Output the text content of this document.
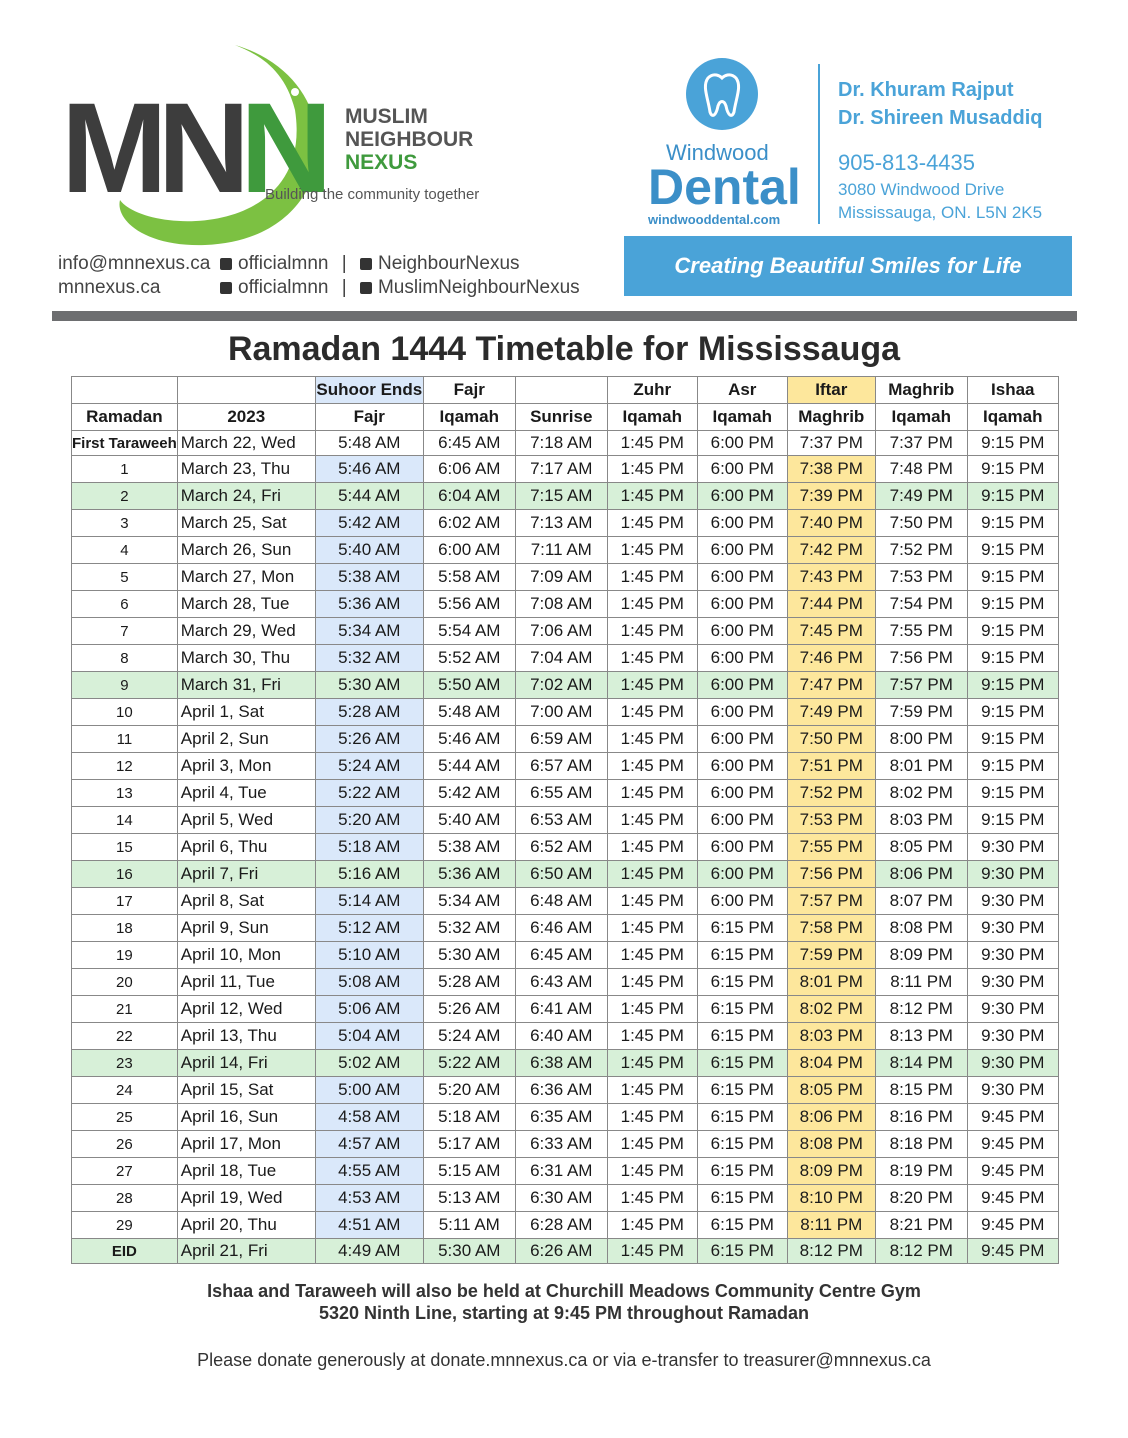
MNN MUSLIM
NEIGHBOUR
NEXUS
Building the community together
info@mnnexus.ca
mnnexus.ca
officialmnn | NeighbourNexus
officialmnn | MuslimNeighbourNexus
Windwood
Dental
windwooddental.com
Dr. Khuram Rajput
Dr. Shireen Musaddiq
905-813-4435
3080 Windwood Drive
Mississauga, ON. L5N 2K5
Creating Beautiful Smiles for Life
Ramadan 1444 Timetable for Mississauga
		Suhoor Ends	Fajr		Zuhr	Asr	Iftar	Maghrib	Ishaa
Ramadan	2023	Fajr	Iqamah	Sunrise	Iqamah	Iqamah	Maghrib	Iqamah	Iqamah
First Taraweeh	March 22, Wed	5:48 AM	6:45 AM	7:18 AM	1:45 PM	6:00 PM	7:37 PM	7:37 PM	9:15 PM
1	March 23, Thu	5:46 AM	6:06 AM	7:17 AM	1:45 PM	6:00 PM	7:38 PM	7:48 PM	9:15 PM
2	March 24, Fri	5:44 AM	6:04 AM	7:15 AM	1:45 PM	6:00 PM	7:39 PM	7:49 PM	9:15 PM
3	March 25, Sat	5:42 AM	6:02 AM	7:13 AM	1:45 PM	6:00 PM	7:40 PM	7:50 PM	9:15 PM
4	March 26, Sun	5:40 AM	6:00 AM	7:11 AM	1:45 PM	6:00 PM	7:42 PM	7:52 PM	9:15 PM
5	March 27, Mon	5:38 AM	5:58 AM	7:09 AM	1:45 PM	6:00 PM	7:43 PM	7:53 PM	9:15 PM
6	March 28, Tue	5:36 AM	5:56 AM	7:08 AM	1:45 PM	6:00 PM	7:44 PM	7:54 PM	9:15 PM
7	March 29, Wed	5:34 AM	5:54 AM	7:06 AM	1:45 PM	6:00 PM	7:45 PM	7:55 PM	9:15 PM
8	March 30, Thu	5:32 AM	5:52 AM	7:04 AM	1:45 PM	6:00 PM	7:46 PM	7:56 PM	9:15 PM
9	March 31, Fri	5:30 AM	5:50 AM	7:02 AM	1:45 PM	6:00 PM	7:47 PM	7:57 PM	9:15 PM
10	April 1, Sat	5:28 AM	5:48 AM	7:00 AM	1:45 PM	6:00 PM	7:49 PM	7:59 PM	9:15 PM
11	April 2, Sun	5:26 AM	5:46 AM	6:59 AM	1:45 PM	6:00 PM	7:50 PM	8:00 PM	9:15 PM
12	April 3, Mon	5:24 AM	5:44 AM	6:57 AM	1:45 PM	6:00 PM	7:51 PM	8:01 PM	9:15 PM
13	April 4, Tue	5:22 AM	5:42 AM	6:55 AM	1:45 PM	6:00 PM	7:52 PM	8:02 PM	9:15 PM
14	April 5, Wed	5:20 AM	5:40 AM	6:53 AM	1:45 PM	6:00 PM	7:53 PM	8:03 PM	9:15 PM
15	April 6, Thu	5:18 AM	5:38 AM	6:52 AM	1:45 PM	6:00 PM	7:55 PM	8:05 PM	9:30 PM
16	April 7, Fri	5:16 AM	5:36 AM	6:50 AM	1:45 PM	6:00 PM	7:56 PM	8:06 PM	9:30 PM
17	April 8, Sat	5:14 AM	5:34 AM	6:48 AM	1:45 PM	6:00 PM	7:57 PM	8:07 PM	9:30 PM
18	April 9, Sun	5:12 AM	5:32 AM	6:46 AM	1:45 PM	6:15 PM	7:58 PM	8:08 PM	9:30 PM
19	April 10, Mon	5:10 AM	5:30 AM	6:45 AM	1:45 PM	6:15 PM	7:59 PM	8:09 PM	9:30 PM
20	April 11, Tue	5:08 AM	5:28 AM	6:43 AM	1:45 PM	6:15 PM	8:01 PM	8:11 PM	9:30 PM
21	April 12, Wed	5:06 AM	5:26 AM	6:41 AM	1:45 PM	6:15 PM	8:02 PM	8:12 PM	9:30 PM
22	April 13, Thu	5:04 AM	5:24 AM	6:40 AM	1:45 PM	6:15 PM	8:03 PM	8:13 PM	9:30 PM
23	April 14, Fri	5:02 AM	5:22 AM	6:38 AM	1:45 PM	6:15 PM	8:04 PM	8:14 PM	9:30 PM
24	April 15, Sat	5:00 AM	5:20 AM	6:36 AM	1:45 PM	6:15 PM	8:05 PM	8:15 PM	9:30 PM
25	April 16, Sun	4:58 AM	5:18 AM	6:35 AM	1:45 PM	6:15 PM	8:06 PM	8:16 PM	9:45 PM
26	April 17, Mon	4:57 AM	5:17 AM	6:33 AM	1:45 PM	6:15 PM	8:08 PM	8:18 PM	9:45 PM
27	April 18, Tue	4:55 AM	5:15 AM	6:31 AM	1:45 PM	6:15 PM	8:09 PM	8:19 PM	9:45 PM
28	April 19, Wed	4:53 AM	5:13 AM	6:30 AM	1:45 PM	6:15 PM	8:10 PM	8:20 PM	9:45 PM
29	April 20, Thu	4:51 AM	5:11 AM	6:28 AM	1:45 PM	6:15 PM	8:11 PM	8:21 PM	9:45 PM
EID	April 21, Fri	4:49 AM	5:30 AM	6:26 AM	1:45 PM	6:15 PM	8:12 PM	8:12 PM	9:45 PM
Ishaa and Taraweeh will also be held at Churchill Meadows Community Centre Gym
5320 Ninth Line, starting at 9:45 PM throughout Ramadan
Please donate generously at donate.mnnexus.ca or via e-transfer to treasurer@mnnexus.ca
